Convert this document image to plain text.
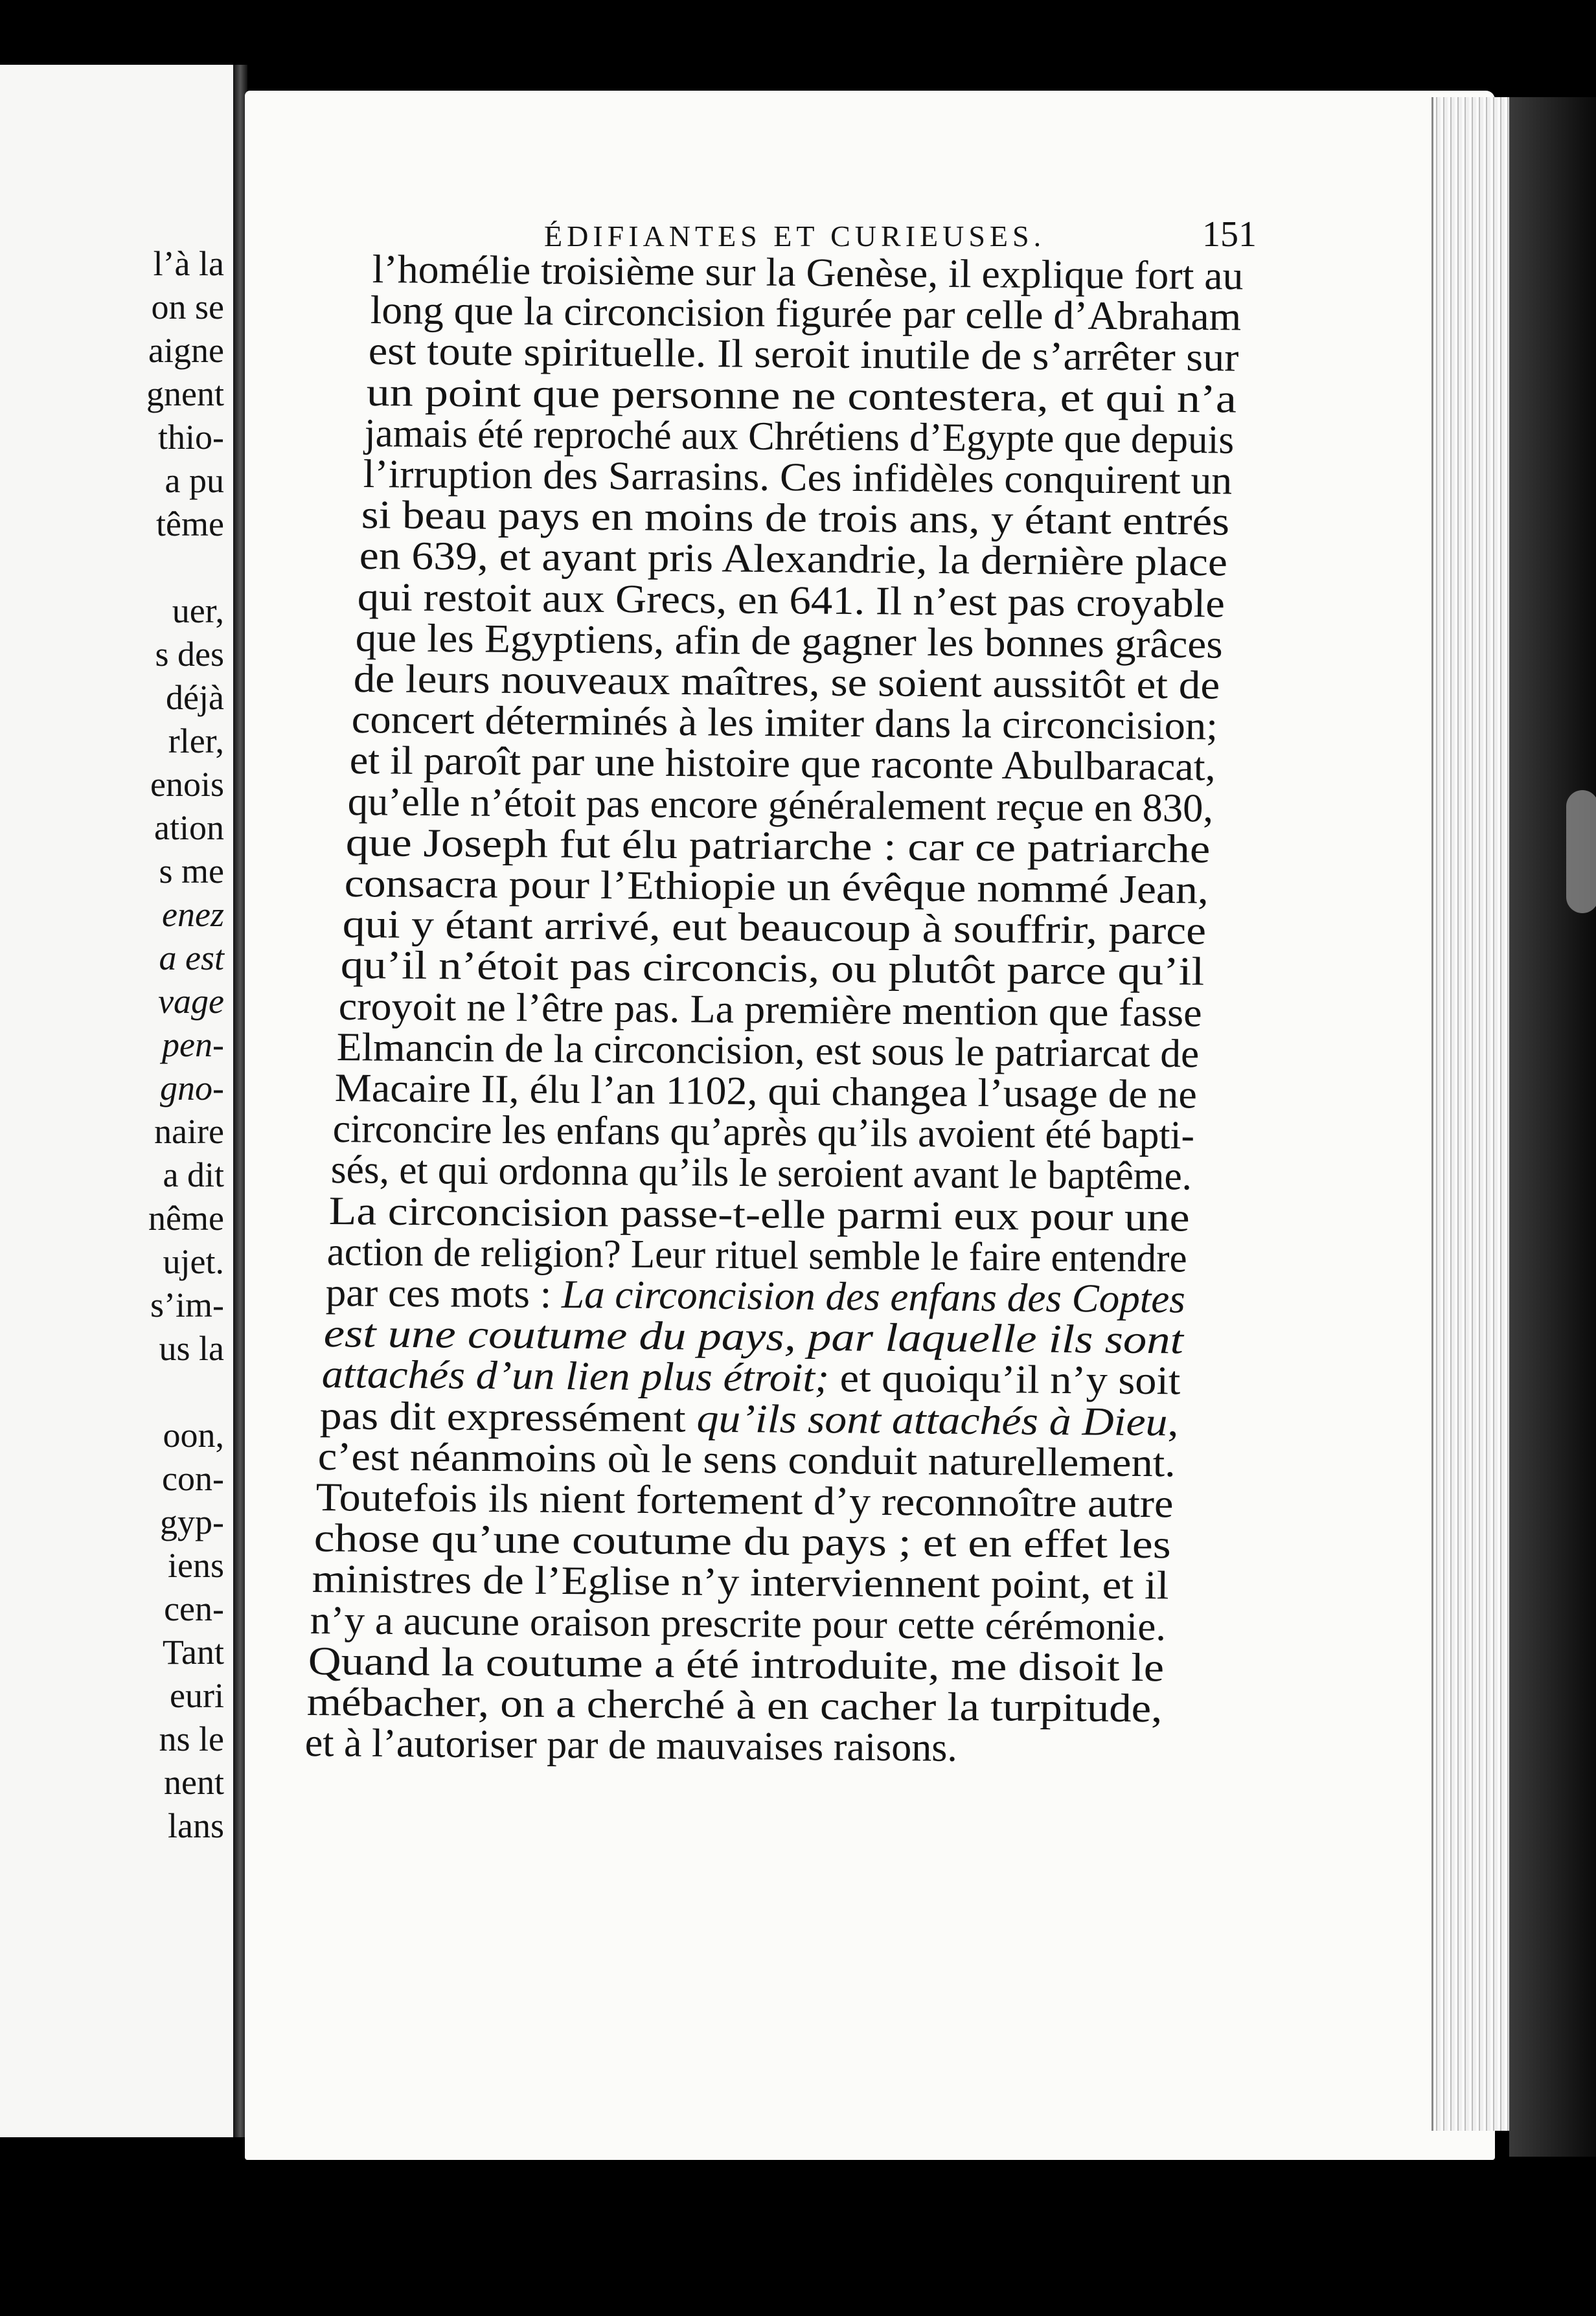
l’à la
on se
aigne
gnent
thio-
a pu
tême
uer,
s des
déjà
rler,
enois
ation
s me
enez
a est
vage
pen-
gno-
naire
a dit
nême
ujet.
s’im-
us la
oon,
con-
gyp-
iens
cen-
Tant
euri
ns le
nent
lans
ÉDIFIANTES ET CURIEUSES.	151
l’homélie troisième sur la Genèse, il explique fort au
long que la circoncision figurée par celle d’Abraham
est toute spirituelle. Il seroit inutile de s’arrêter sur
un point que personne ne contestera, et qui n’a
jamais été reproché aux Chrétiens d’Egypte que depuis
l’irruption des Sarrasins. Ces infidèles conquirent un
si beau pays en moins de trois ans, y étant entrés
en 639, et ayant pris Alexandrie, la dernière place
qui restoit aux Grecs, en 641. Il n’est pas croyable
que les Egyptiens, afin de gagner les bonnes grâces
de leurs nouveaux maîtres, se soient aussitôt et de
concert déterminés à les imiter dans la circoncision;
et il paroît par une histoire que raconte Abulbaracat,
qu’elle n’étoit pas encore généralement reçue en 830,
que Joseph fut élu patriarche : car ce patriarche
consacra pour l’Ethiopie un évêque nommé Jean,
qui y étant arrivé, eut beaucoup à souffrir, parce
qu’il n’étoit pas circoncis, ou plutôt parce qu’il
croyoit ne l’être pas. La première mention que fasse
Elmancin de la circoncision, est sous le patriarcat de
Macaire II, élu l’an 1102, qui changea l’usage de ne
circoncire les enfans qu’après qu’ils avoient été bapti-
sés, et qui ordonna qu’ils le seroient avant le baptême.
La circoncision passe-t-elle parmi eux pour une
action de religion? Leur rituel semble le faire entendre
par ces mots : La circoncision des enfans des Coptes
est une coutume du pays, par laquelle ils sont
attachés d’un lien plus étroit; et quoiqu’il n’y soit
pas dit expressément qu’ils sont attachés à Dieu,
c’est néanmoins où le sens conduit naturellement.
Toutefois ils nient fortement d’y reconnoître autre
chose qu’une coutume du pays ; et en effet les
ministres de l’Eglise n’y interviennent point, et il
n’y a aucune oraison prescrite pour cette cérémonie.
Quand la coutume a été introduite, me disoit le
mébacher, on a cherché à en cacher la turpitude,
et à l’autoriser par de mauvaises raisons.
